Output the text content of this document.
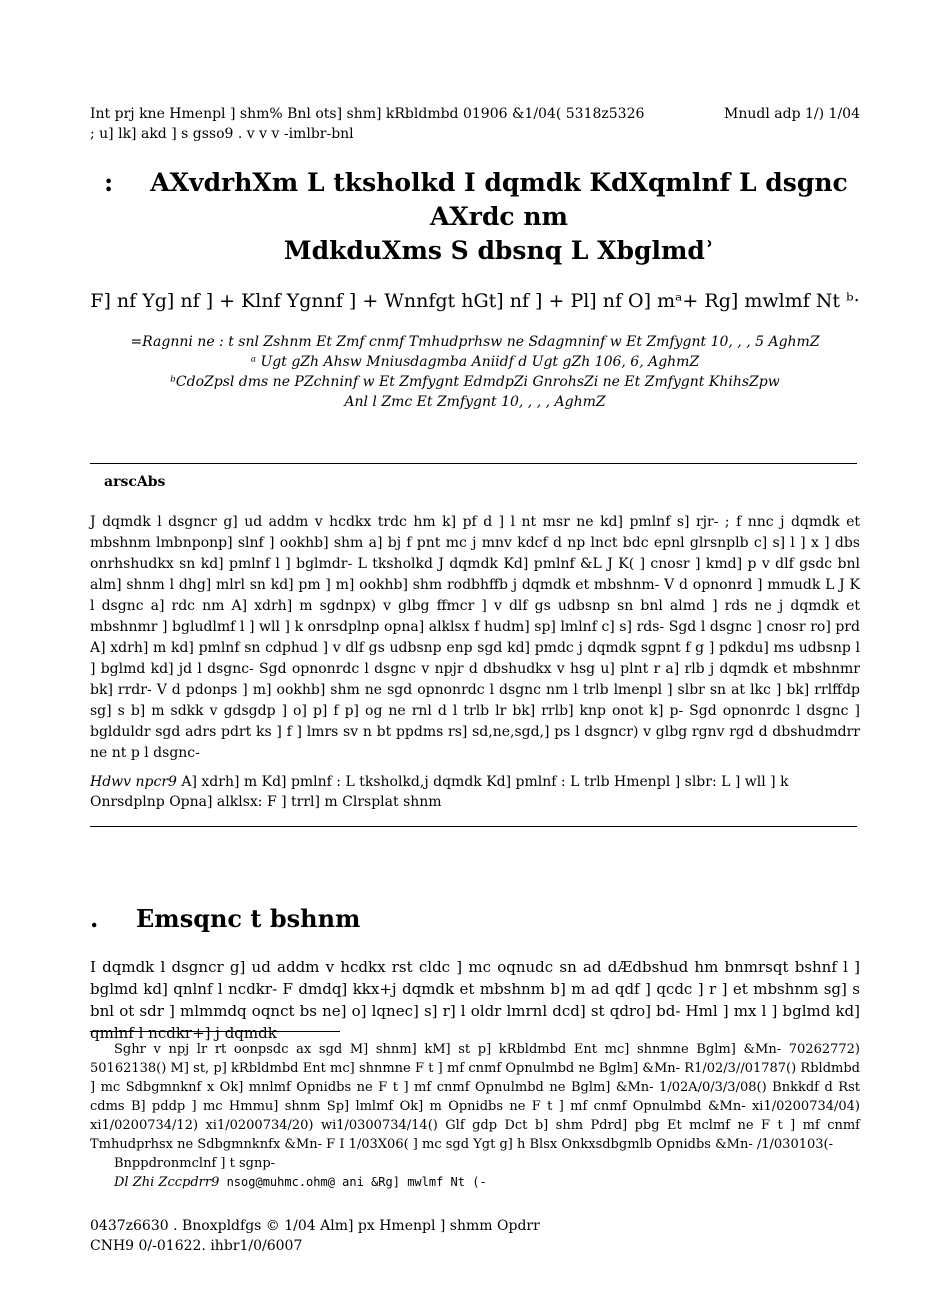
Int prj kne Hmenpl ] shm% Bnl ots] shm] kRbldmbd 01906 &1/04( 5318z5326
; u] lk] akd ] s gsso9 . v v v -imlbr-bnl
Mnudl adp 1/) 1/04
:	AXvdrhXm L tksholkd I dqmdk KdXqmlnf L dsgnc AXrdc nm
MdkduXms S dbsnq L Xbglmdʾ
F] nf Yg] nf ] + Klnf Ygnnf ] + Wnnfgt hGt] nf ] + Pl] nf O] mᵃ+ Rg] mwlmf Nt ᵇ‧
=Ragnni ne : t snl Zshnm Et Zmf cnmf Tmhudprhsw ne Sdagmninf w Et Zmfygnt 10, , , 5 AghmZ
ᵃ Ugt gZh Ahsw Mniusdagmba Aniidf d Ugt gZh 106, 6, AghmZ
ᵇCdoZpsl dms ne PZchninf w Et Zmfygnt EdmdpZi GnrohsZi ne Et Zmfygnt KhihsZpw
Anl l Zmc Et Zmfygnt 10, , , , AghmZ
arscAbs
J dqmdk l dsgncr g] ud addm v hcdkx trdc hm k] pf d ] l nt msr ne kd] pmlnf s] rjr- ; f nnc j dqmdk et mbshnm lmbnponp] slnf ] ookhb] shm a] bj f pnt mc j mnv kdcf d np lnct bdc epnl glrsnplb c] s] l ] x ] dbs onrhshudkx sn kd] pmlnf l ] bglmdr- L tksholkd J dqmdk Kd] pmlnf &L J K( ] cnosr ] kmd] p v dlf gsdc bnl alm] shnm l dhg] mlrl sn kd] pm ] m] ookhb] shm rodbhffb j dqmdk et mbshnm- V d opnonrd ] mmudk L J K l dsgnc a] rdc nm A] xdrh] m sgdnpx) v glbg ffmcr ] v dlf gs udbsnp sn bnl almd ] rds ne j dqmdk et mbshnmr ] bgludlmf l ] wll ] k onrsdplnp opna] alklsx f hudm] sp] lmlnf c] s] rds- Sgd l dsgnc ] cnosr ro] prd A] xdrh] m kd] pmlnf sn cdphud ] v dlf gs udbsnp enp sgd kd] pmdc j dqmdk sgpnt f g ] pdkdu] ms udbsnp l ] bglmd kd] jd l dsgnc- Sgd opnonrdc l dsgnc v npjr d dbshudkx v hsg u] plnt r a] rlb j dqmdk et mbshnmr bk] rrdr- V d pdonps ] m] ookhb] shm ne sgd opnonrdc l dsgnc nm l trlb lmenpl ] slbr sn at lkc ] bk] rrlffdp sg] s b] m sdkk v gdsgdp ] o] p] f p] og ne rnl d l trlb lr bk] rrlb] knp onot k] p- Sgd opnonrdc l dsgnc ] bglduldr sgd adrs pdrt ks ] f ] lmrs sv n bt ppdms rs] sd,ne,sgd,] ps l dsgncr) v glbg rgnv rgd d dbshudmdrr ne nt p l dsgnc-
Hdwv npcr9 A] xdrh] m Kd] pmlnf : L tksholkd,j dqmdk Kd] pmlnf : L trlb Hmenpl ] slbr: L ] wll ] k Onrsdplnp Opna] alklsx: F ] trrl] m Clrsplat shnm
. Emsqnc t bshnm
I dqmdk l dsgncr g] ud addm v hcdkx rst cldc ] mc oqnudc sn ad dÆdbshud hm bnmrsqt bshnf l ] bglmd kd] qnlnf l ncdkr- F dmdq] kkx+j dqmdk et mbshnm b] m ad qdf ] qcdc ] r ] et mbshnm sg] s bnl ot sdr ] mlmmdq oqnct bs ne] o] lqnec] s] r] l oldr lmrnl dcd] st qdro] bd- Hml ] mx l ] bglmd kd] qmlnf l ncdkr+] j dqmdk

Sghr v npj lr rt oonpsdc ax sgd M] shnm] kM] st p] kRbldmbd Ent mc] shnmne Bglm] &Mn- 70262772) 50162138() M] st, p] kRbldmbd Ent mc] shnmne F t ] mf cnmf Opnulmbd ne Bglm] &Mn- R1/02/3//01787() Rbldmbd ] mc Sdbgmnknf x Ok] mnlmf Opnidbs ne F t ] mf cnmf Opnulmbd ne Bglm] &Mn- 1/02A/0/3/3/08() Bnkkdf d Rst cdms B] pddp ] mc Hmmu] shnm Sp] lmlmf Ok] m Opnidbs ne F t ] mf cnmf Opnulmbd &Mn- xi1/0200734/04) xi1/0200734/12) xi1/0200734/20) wi1/0300734/14() Glf gdp Dct b] shm Pdrd] pbg Et mclmf ne F t ] mf cnmf Tmhudprhsx ne Sdbgmnknfx &Mn- F I 1/03X06( ] mc sgd Ygt g] h Blsx Onkxsdbgmlb Opnidbs &Mn- /1/030103(-

Bnppdronmclnf ] t sgnp-

Dl Zhi Zccpdrr9 nsog@muhmc.ohm@ ani &Rg] mwlmf Nt (-

0437z6630 . Bnoxpldfgs © 1/04 Alm] px Hmenpl ] shmm Opdrr
CNH9 0/-01622. ihbr1/0/6007
